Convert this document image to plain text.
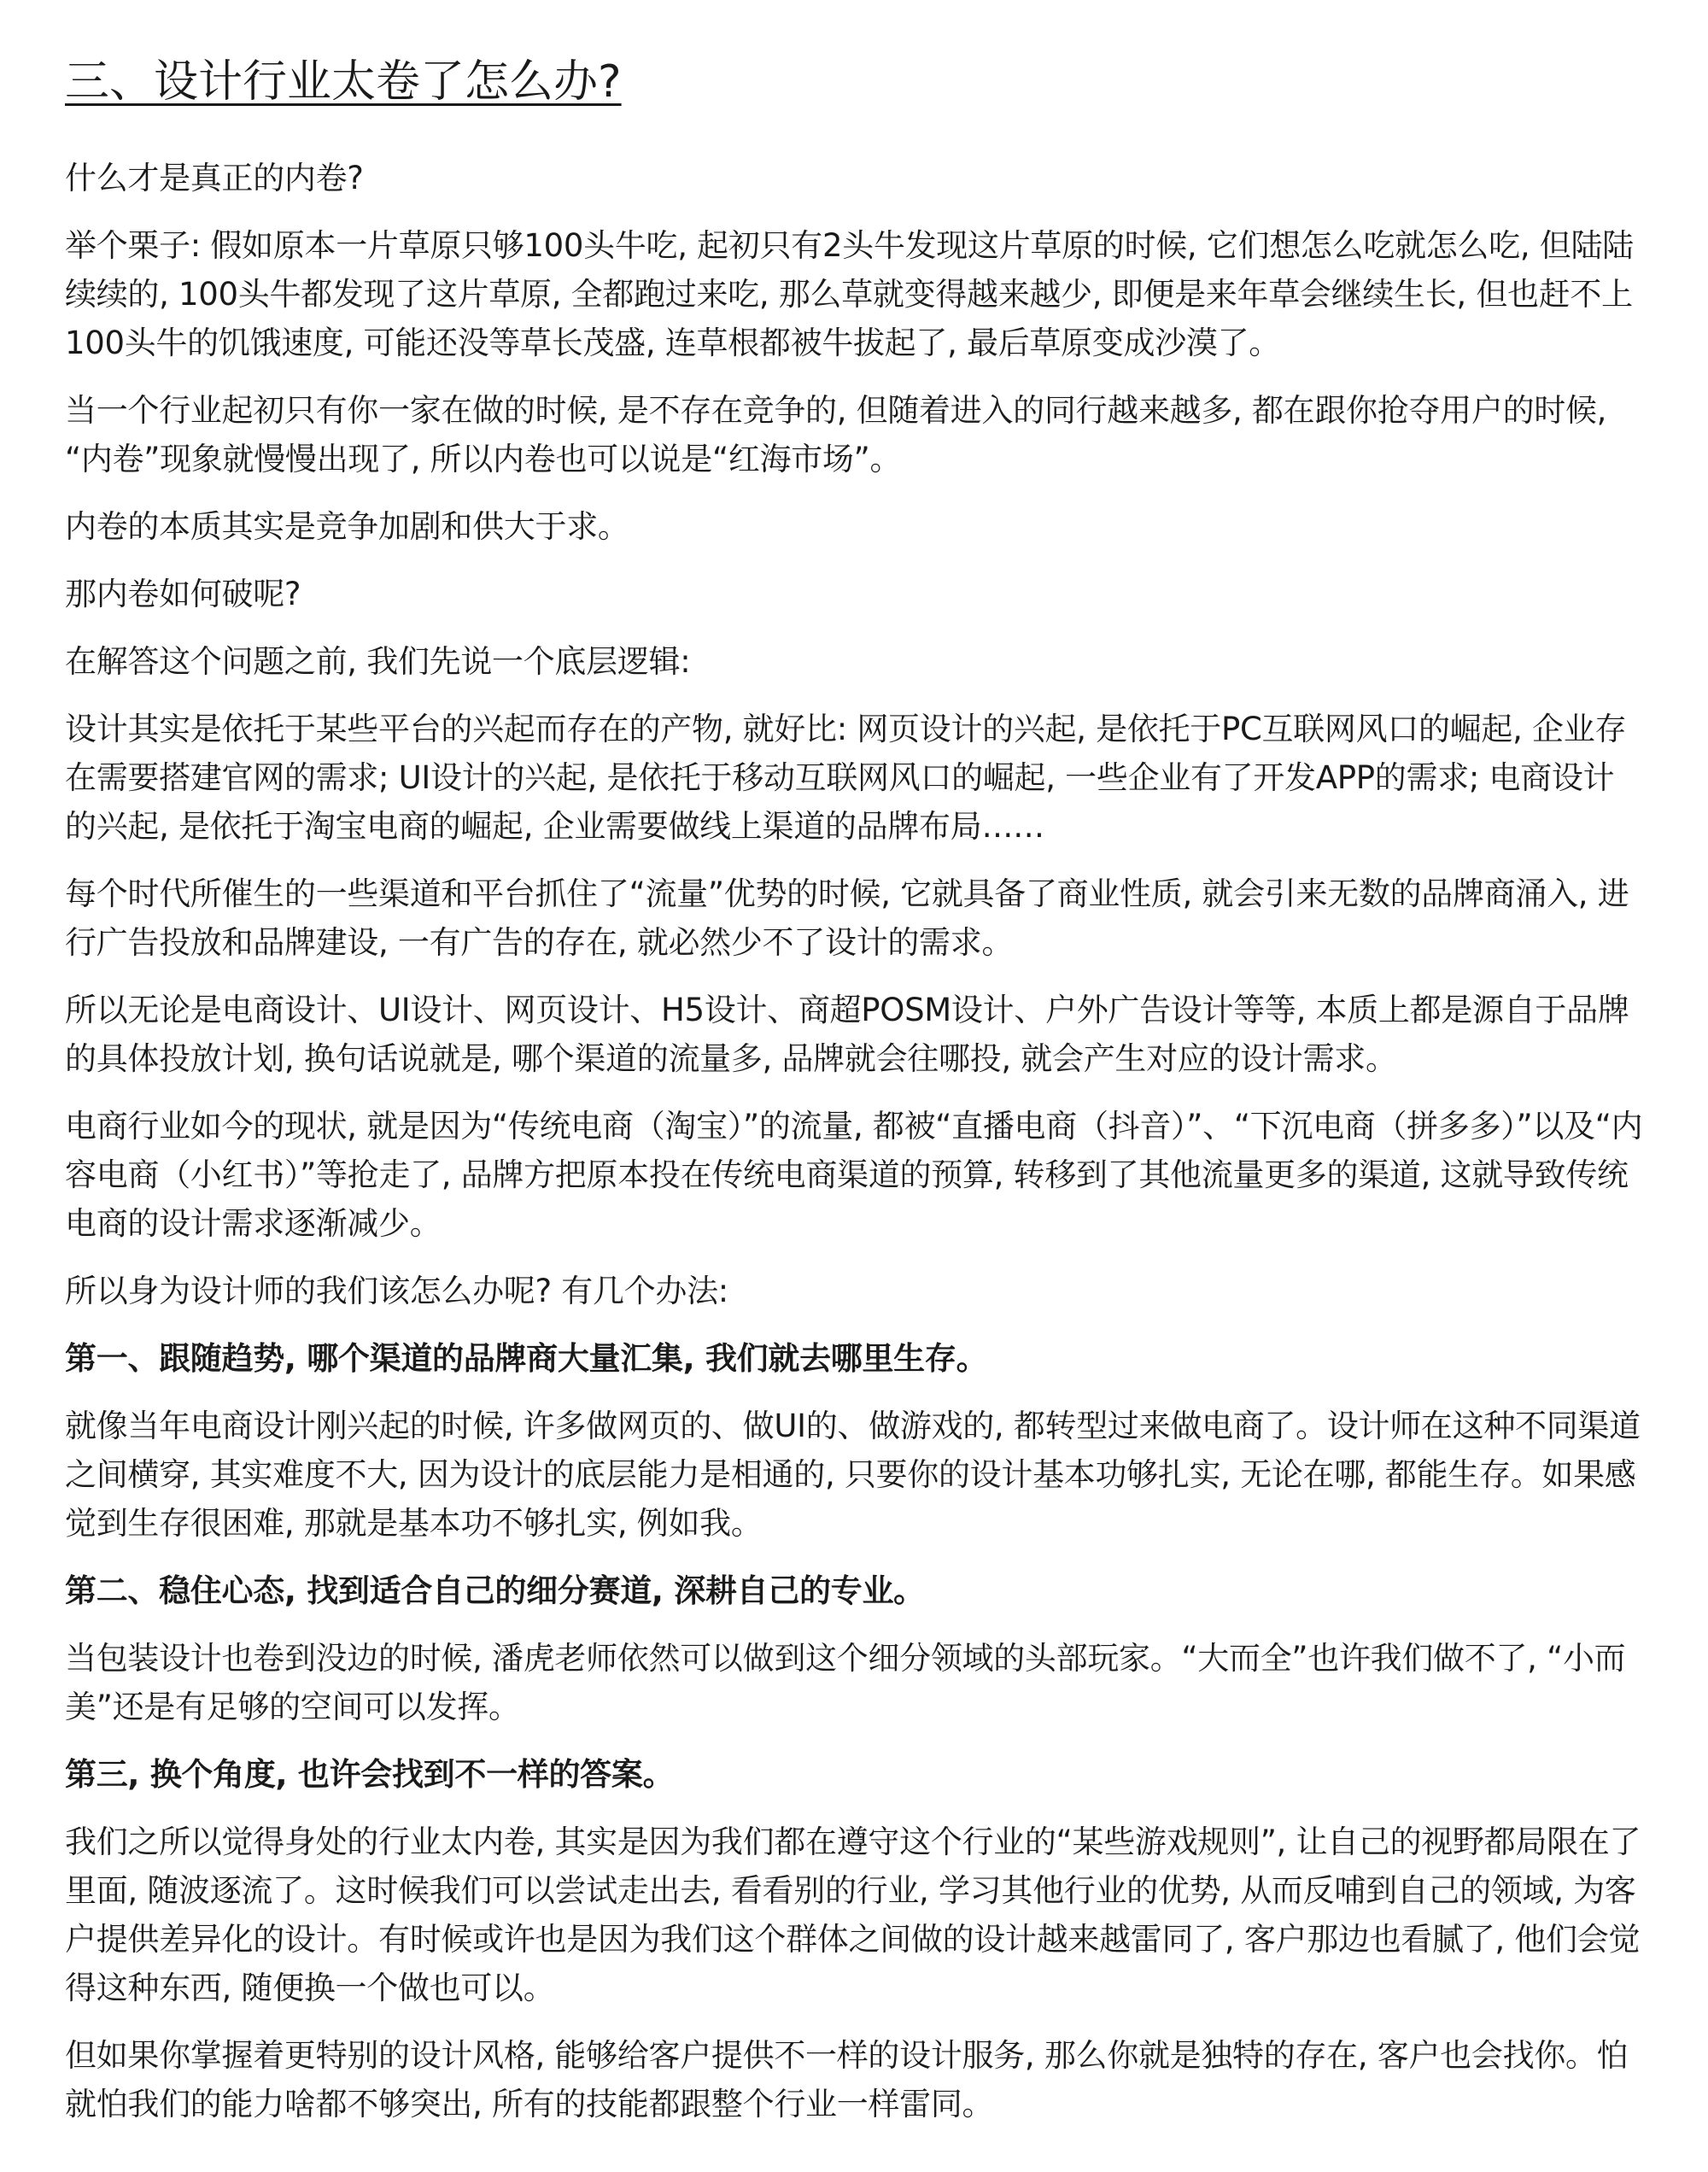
三、设计行业太卷了怎么办?

什么才是真正的内卷?

举个栗子: 假如原本一片草原只够100头牛吃, 起初只有2头牛发现这片草原的时候, 它们想怎么吃就怎么吃, 但陆陆续续的, 100头牛都发现了这片草原, 全都跑过来吃, 那么草就变得越来越少, 即便是来年草会继续生长, 但也赶不上100头牛的饥饿速度, 可能还没等草长茂盛, 连草根都被牛拔起了, 最后草原变成沙漠了。

当一个行业起初只有你一家在做的时候, 是不存在竞争的, 但随着进入的同行越来越多, 都在跟你抢夺用户的时候, “内卷”现象就慢慢出现了, 所以内卷也可以说是“红海市场”。

内卷的本质其实是竞争加剧和供大于求。

那内卷如何破呢?

在解答这个问题之前, 我们先说一个底层逻辑:

设计其实是依托于某些平台的兴起而存在的产物, 就好比: 网页设计的兴起, 是依托于PC互联网风口的崛起, 企业存在需要搭建官网的需求; UI设计的兴起, 是依托于移动互联网风口的崛起, 一些企业有了开发APP的需求; 电商设计的兴起, 是依托于淘宝电商的崛起, 企业需要做线上渠道的品牌布局……

每个时代所催生的一些渠道和平台抓住了“流量”优势的时候, 它就具备了商业性质, 就会引来无数的品牌商涌入, 进行广告投放和品牌建设, 一有广告的存在, 就必然少不了设计的需求。

所以无论是电商设计、UI设计、网页设计、H5设计、商超POSM设计、户外广告设计等等, 本质上都是源自于品牌的具体投放计划, 换句话说就是, 哪个渠道的流量多, 品牌就会往哪投, 就会产生对应的设计需求。

电商行业如今的现状, 就是因为“传统电商（淘宝）”的流量, 都被“直播电商（抖音）”、“下沉电商（拼多多）”以及“内容电商（小红书）”等抢走了, 品牌方把原本投在传统电商渠道的预算, 转移到了其他流量更多的渠道, 这就导致传统电商的设计需求逐渐减少。

所以身为设计师的我们该怎么办呢? 有几个办法:

第一、跟随趋势, 哪个渠道的品牌商大量汇集, 我们就去哪里生存。

就像当年电商设计刚兴起的时候, 许多做网页的、做UI的、做游戏的, 都转型过来做电商了。设计师在这种不同渠道之间横穿, 其实难度不大, 因为设计的底层能力是相通的, 只要你的设计基本功够扎实, 无论在哪, 都能生存。如果感觉到生存很困难, 那就是基本功不够扎实, 例如我。

第二、稳住心态, 找到适合自己的细分赛道, 深耕自己的专业。

当包装设计也卷到没边的时候, 潘虎老师依然可以做到这个细分领域的头部玩家。“大而全”也许我们做不了, “小而美”还是有足够的空间可以发挥。

第三, 换个角度, 也许会找到不一样的答案。

我们之所以觉得身处的行业太内卷, 其实是因为我们都在遵守这个行业的“某些游戏规则”, 让自己的视野都局限在了里面, 随波逐流了。这时候我们可以尝试走出去, 看看别的行业, 学习其他行业的优势, 从而反哺到自己的领域, 为客户提供差异化的设计。有时候或许也是因为我们这个群体之间做的设计越来越雷同了, 客户那边也看腻了, 他们会觉得这种东西, 随便换一个做也可以。

但如果你掌握着更特别的设计风格, 能够给客户提供不一样的设计服务, 那么你就是独特的存在, 客户也会找你。怕就怕我们的能力啥都不够突出, 所有的技能都跟整个行业一样雷同。
